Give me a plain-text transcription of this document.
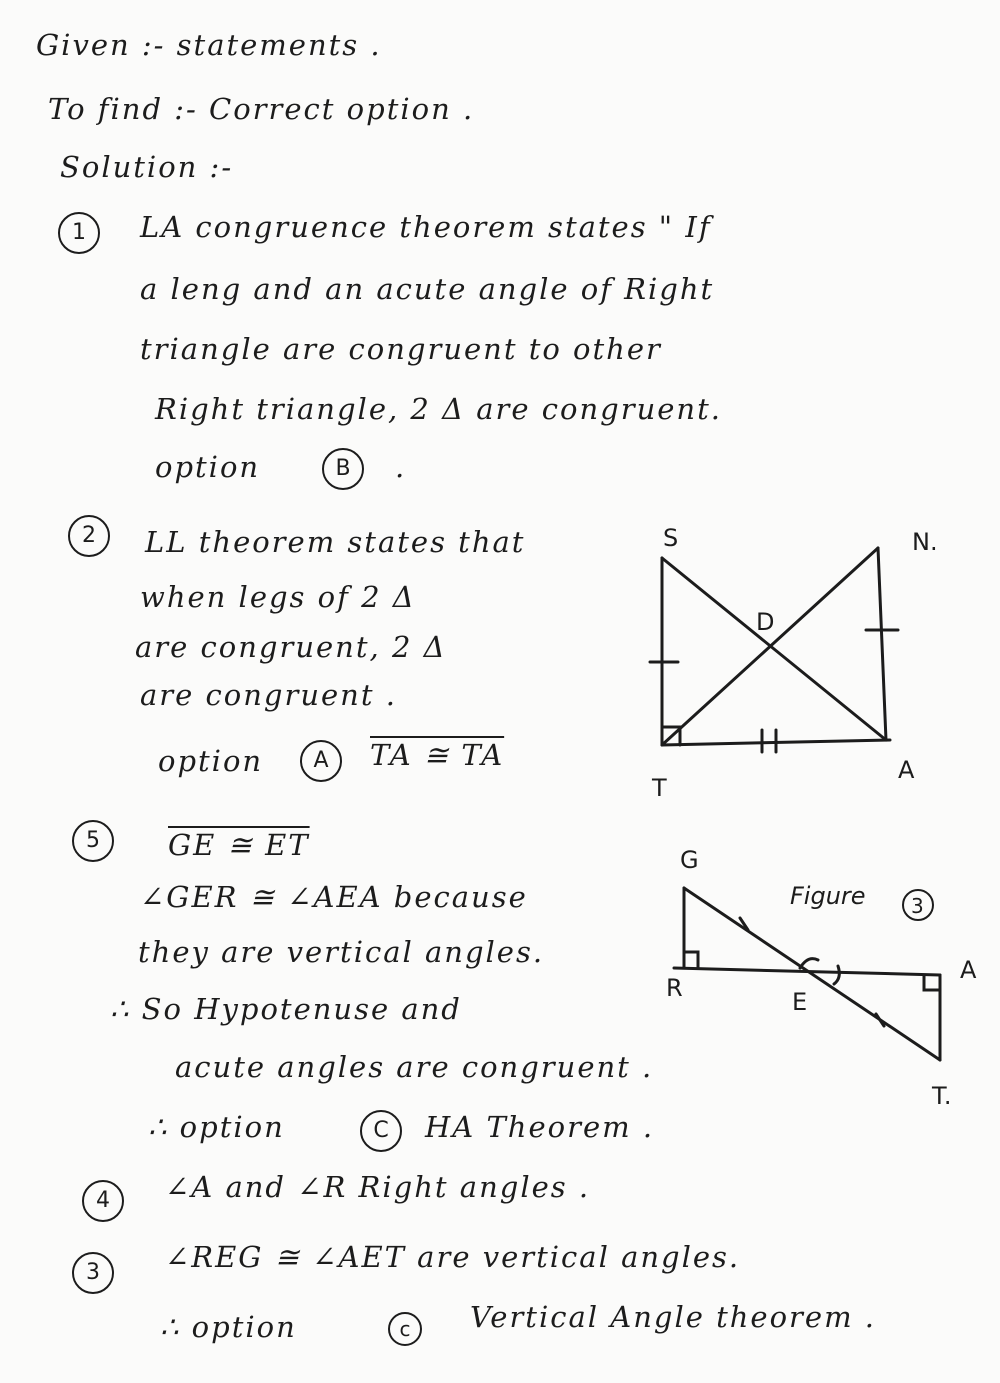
Given :- statements .
To find :- Correct option .
Solution :-
1	LA congruence theorem states " If
a leng and an acute angle of Right
triangle are congruent to other
Right triangle, 2 Δ are congruent.
option	B	.
2	LL theorem states that
when legs of 2 Δ
are congruent, 2 Δ
are congruent .
option	A	TA ≅ TA
S	N.
D
T
A
5	GE ≅ ET
∠GER ≅ ∠AEA because
they are vertical angles.
∴ So Hypotenuse and
acute angles are congruent .
∴ option	C	HA Theorem .
G
R	E
A
T.
Figure 3
4	∠A and ∠R Right angles .
3	∠REG ≅ ∠AET are vertical angles.
∴ option	c	Vertical Angle theorem .
